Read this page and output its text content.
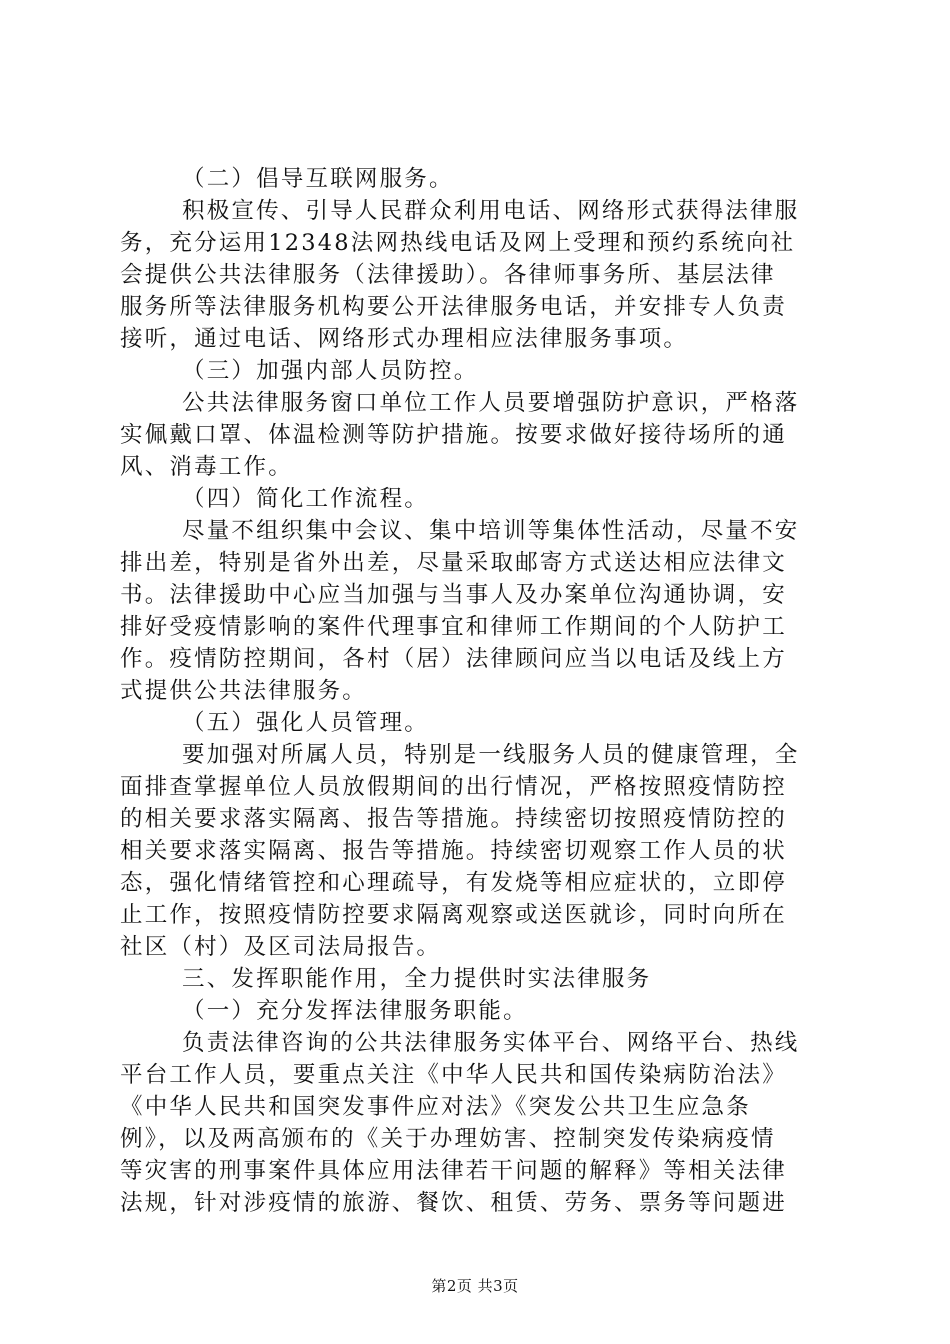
（二）倡导互联网服务。
积极宣传、引导人民群众利用电话、网络形式获得法律服
务，充分运用12348法网热线电话及网上受理和预约系统向社
会提供公共法律服务（法律援助）。各律师事务所、基层法律
服务所等法律服务机构要公开法律服务电话，并安排专人负责
接听，通过电话、网络形式办理相应法律服务事项。
（三）加强内部人员防控。
公共法律服务窗口单位工作人员要增强防护意识，严格落
实佩戴口罩、体温检测等防护措施。按要求做好接待场所的通
风、消毒工作。
（四）简化工作流程。
尽量不组织集中会议、集中培训等集体性活动，尽量不安
排出差，特别是省外出差，尽量采取邮寄方式送达相应法律文
书。法律援助中心应当加强与当事人及办案单位沟通协调，安
排好受疫情影响的案件代理事宜和律师工作期间的个人防护工
作。疫情防控期间，各村（居）法律顾问应当以电话及线上方
式提供公共法律服务。
（五）强化人员管理。
要加强对所属人员，特别是一线服务人员的健康管理，全
面排查掌握单位人员放假期间的出行情况，严格按照疫情防控
的相关要求落实隔离、报告等措施。持续密切按照疫情防控的
相关要求落实隔离、报告等措施。持续密切观察工作人员的状
态，强化情绪管控和心理疏导，有发烧等相应症状的，立即停
止工作，按照疫情防控要求隔离观察或送医就诊，同时向所在
社区（村）及区司法局报告。
三、发挥职能作用，全力提供时实法律服务
（一）充分发挥法律服务职能。
负责法律咨询的公共法律服务实体平台、网络平台、热线
平台工作人员，要重点关注《中华人民共和国传染病防治法》
《中华人民共和国突发事件应对法》《突发公共卫生应急条
例》，以及两高颁布的《关于办理妨害、控制突发传染病疫情
等灾害的刑事案件具体应用法律若干问题的解释》等相关法律
法规，针对涉疫情的旅游、餐饮、租赁、劳务、票务等问题进
第2页 共3页
